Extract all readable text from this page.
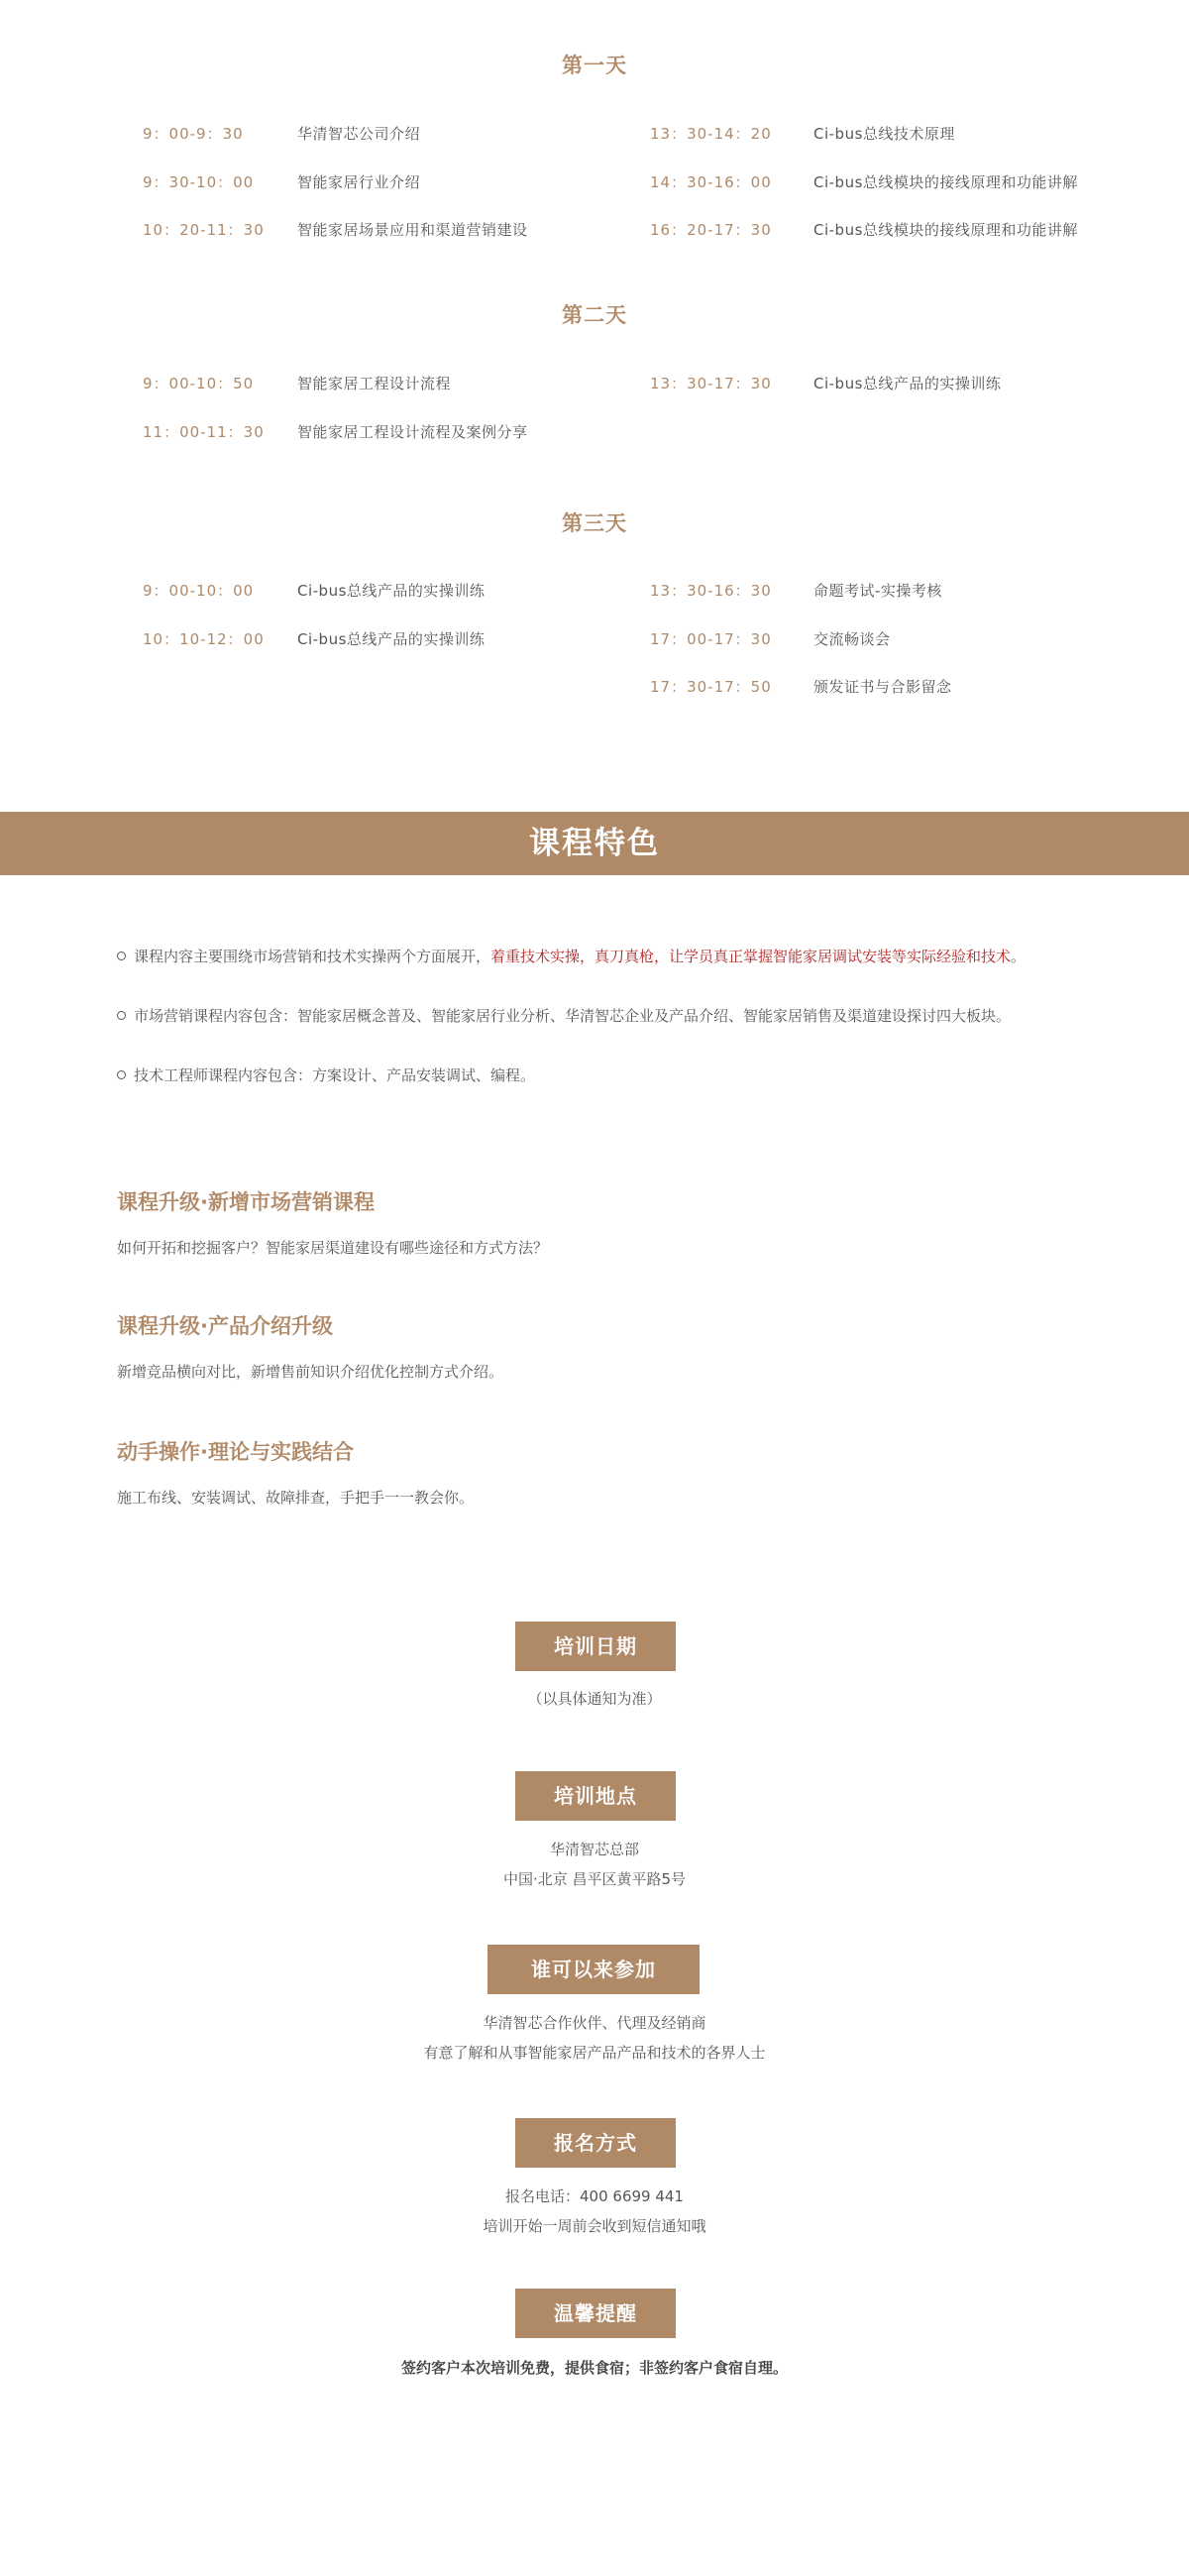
第一天
9：00-9：30	华清智芯公司介绍
9：30-10：00	智能家居行业介绍
10：20-11：30 智能家居场景应用和渠道营销建设
13：30-14：20	Ci-bus总线技术原理
14：30-16：00	Ci-bus总线模块的接线原理和功能讲解
16：20-17：30	Ci-bus总线模块的接线原理和功能讲解
第二天
9：00-10：50	智能家居工程设计流程
11：00-11：30 智能家居工程设计流程及案例分享
13：30-17：30	Ci-bus总线产品的实操训练
第三天
9：00-10：00	Ci-bus总线产品的实操训练
10：10-12：00 Ci-bus总线产品的实操训练
13：30-16：30	命题考试-实操考核
17：00-17：30	交流畅谈会
17：30-17：50	颁发证书与合影留念
课程特色
课程内容主要围绕市场营销和技术实操两个方面展开，着重技术实操，真刀真枪，让学员真正掌握智能家居调试安装等实际经验和技术。
市场营销课程内容包含：智能家居概念普及、智能家居行业分析、华清智芯企业及产品介绍、智能家居销售及渠道建设探讨四大板块。
技术工程师课程内容包含：方案设计、产品安装调试、编程。
课程升级·新增市场营销课程
如何开拓和挖掘客户？智能家居渠道建设有哪些途径和方式方法？
课程升级·产品介绍升级
新增竞品横向对比，新增售前知识介绍优化控制方式介绍。
动手操作·理论与实践结合
施工布线、安装调试、故障排查，手把手一一教会你。
培训日期
（以具体通知为准）
培训地点
华清智芯总部
中国·北京 昌平区黄平路5号
谁可以来参加
华清智芯合作伙伴、代理及经销商
有意了解和从事智能家居产品产品和技术的各界人士
报名方式
报名电话：400 6699 441
培训开始一周前会收到短信通知哦
温馨提醒
签约客户本次培训免费，提供食宿；非签约客户食宿自理。
